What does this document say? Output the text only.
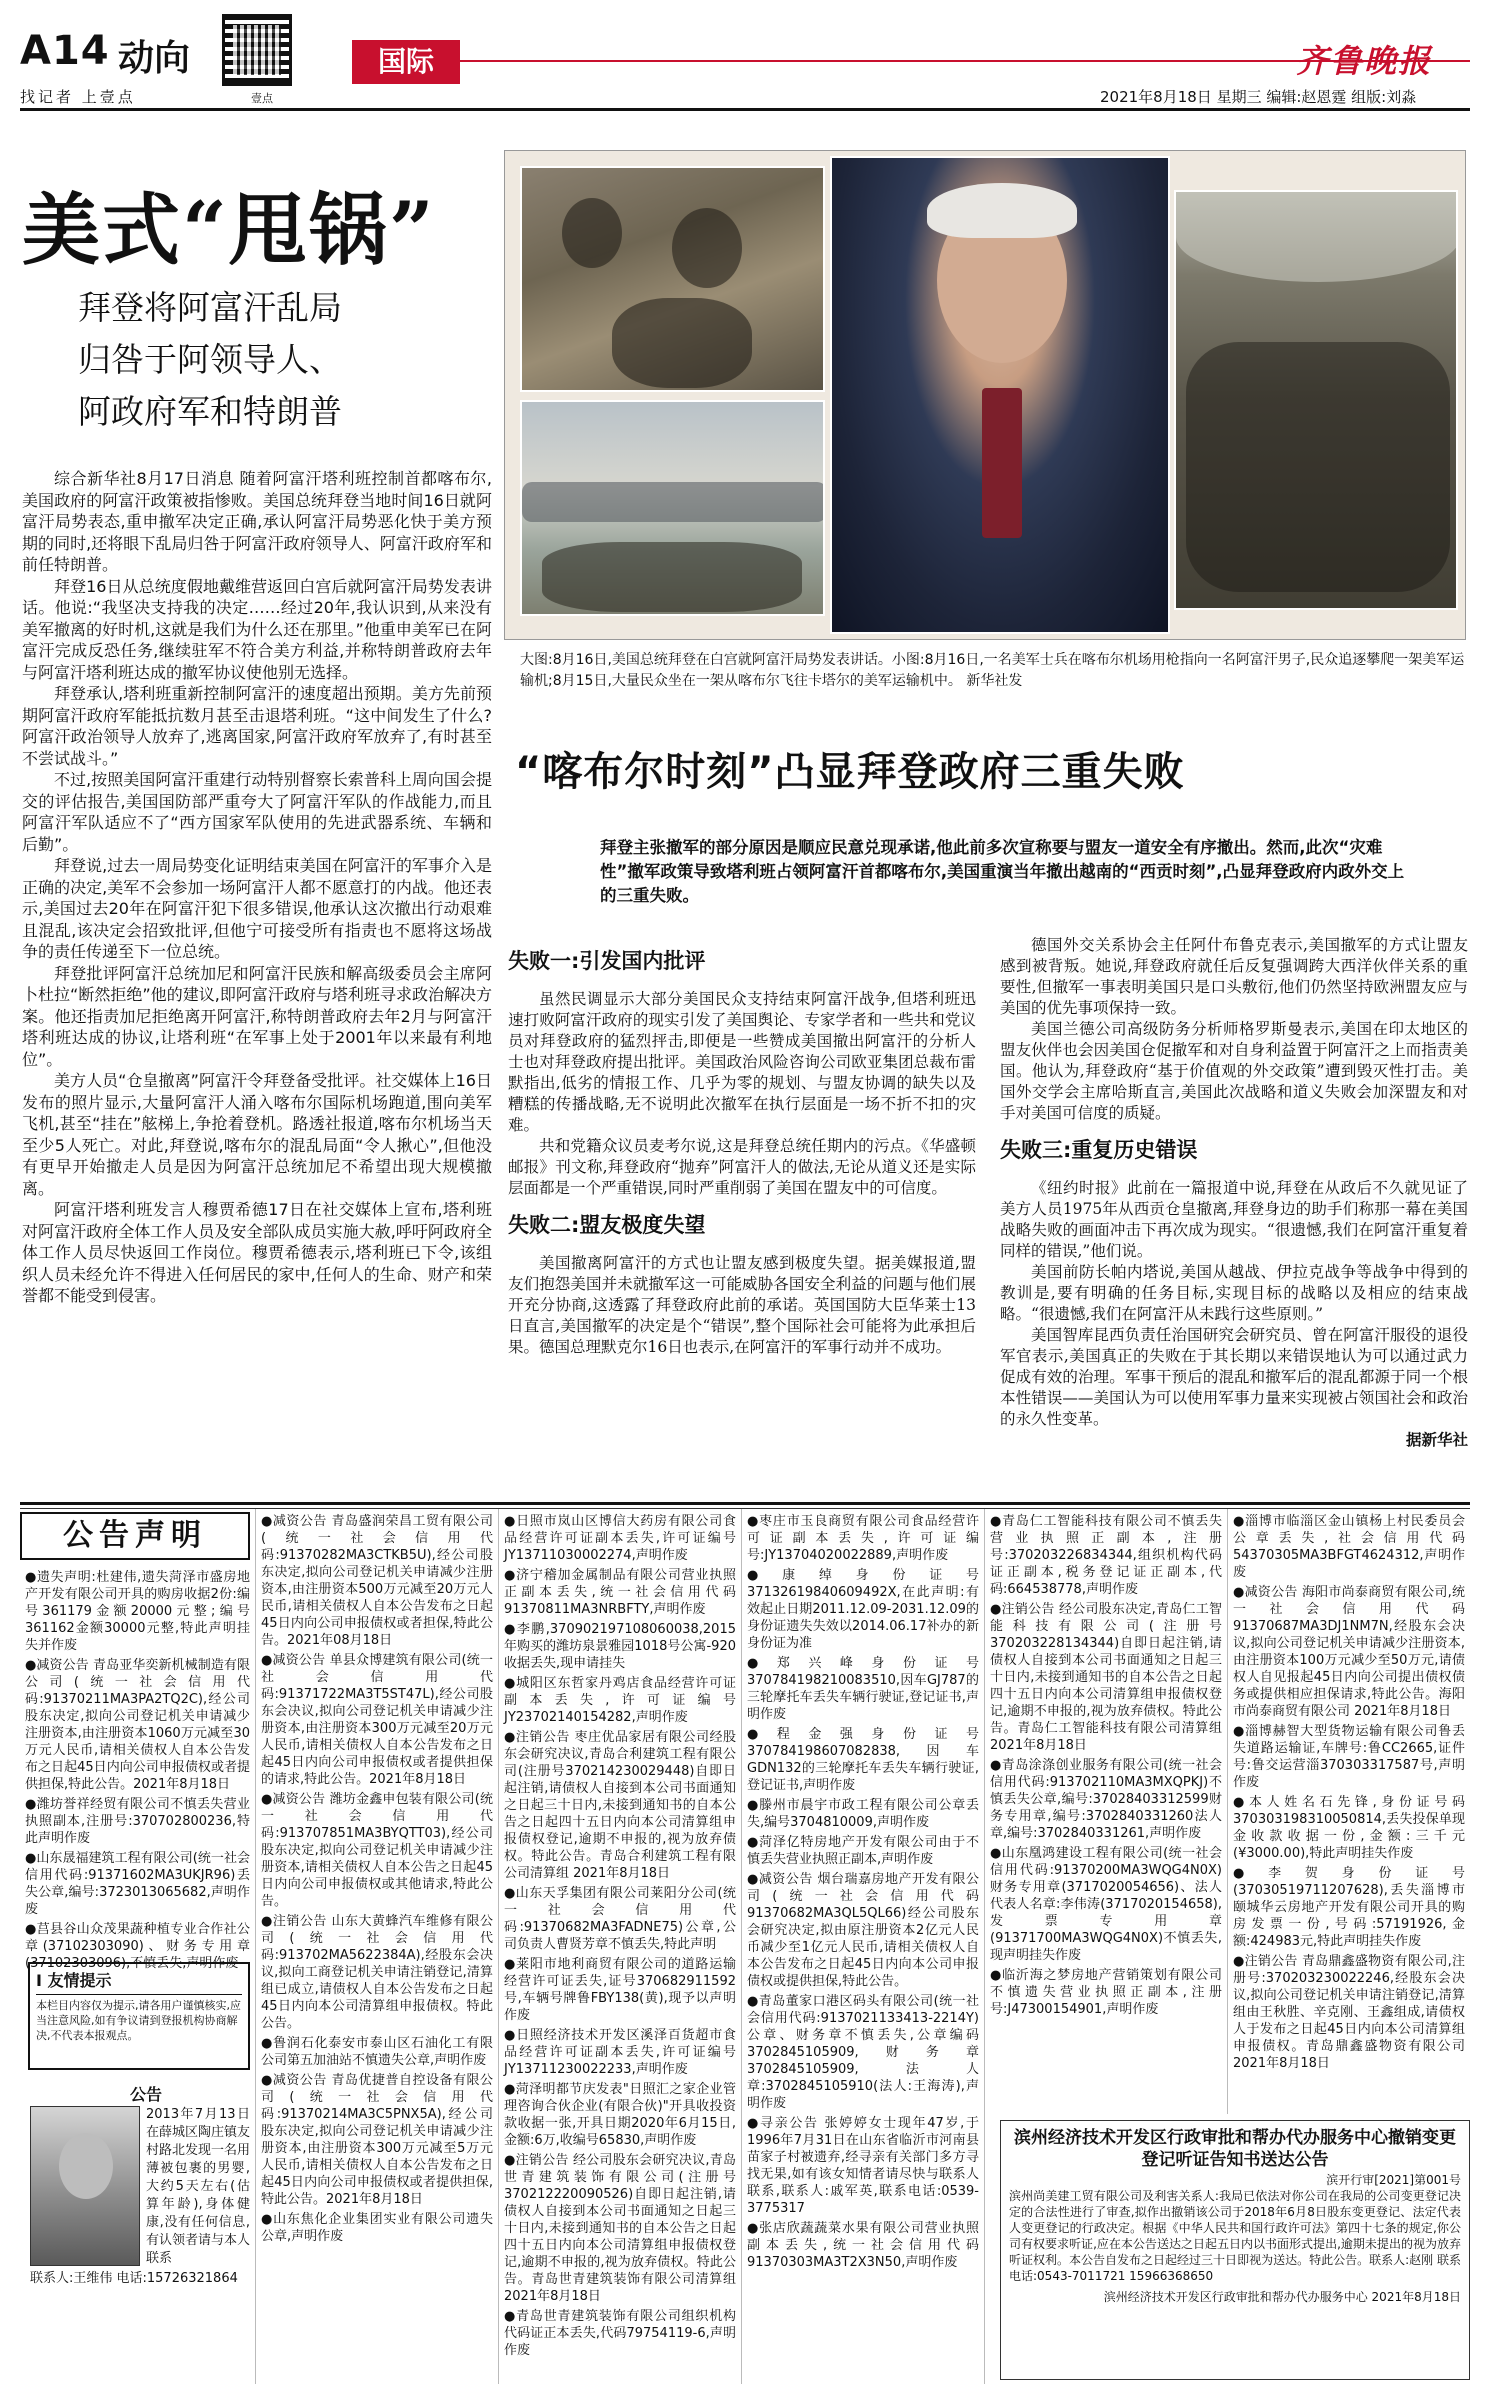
A14 动向
找记者 上壹点	壹点
国际	齐鲁晚报
2021年8月18日 星期三 编辑:赵恩霆 组版:刘淼
美式“甩锅”
拜登将阿富汗乱局
归咎于阿领导人、
阿政府军和特朗普
大图:8月16日,美国总统拜登在白宫就阿富汗局势发表讲话。小图:8月16日,一名美军士兵在喀布尔机场用枪指向一名阿富汗男子,民众追逐攀爬一架美军运输机;8月15日,大量民众坐在一架从喀布尔飞往卡塔尔的美军运输机中。 新华社发

综合新华社8月17日消息 随着阿富汗塔利班控制首都喀布尔,美国政府的阿富汗政策被指惨败。美国总统拜登当地时间16日就阿富汗局势表态,重申撤军决定正确,承认阿富汗局势恶化快于美方预期的同时,还将眼下乱局归咎于阿富汗政府领导人、阿富汗政府军和前任特朗普。

拜登16日从总统度假地戴维营返回白宫后就阿富汗局势发表讲话。他说:“我坚决支持我的决定……经过20年,我认识到,从来没有美军撤离的好时机,这就是我们为什么还在那里。”他重申美军已在阿富汗完成反恐任务,继续驻军不符合美方利益,并称特朗普政府去年与阿富汗塔利班达成的撤军协议使他别无选择。

拜登承认,塔利班重新控制阿富汗的速度超出预期。美方先前预期阿富汗政府军能抵抗数月甚至击退塔利班。“这中间发生了什么?阿富汗政治领导人放弃了,逃离国家,阿富汗政府军放弃了,有时甚至不尝试战斗。”

不过,按照美国阿富汗重建行动特别督察长索普科上周向国会提交的评估报告,美国国防部严重夸大了阿富汗军队的作战能力,而且阿富汗军队适应不了“西方国家军队使用的先进武器系统、车辆和后勤”。

拜登说,过去一周局势变化证明结束美国在阿富汗的军事介入是正确的决定,美军不会参加一场阿富汗人都不愿意打的内战。他还表示,美国过去20年在阿富汗犯下很多错误,他承认这次撤出行动艰难且混乱,该决定会招致批评,但他宁可接受所有指责也不愿将这场战争的责任传递至下一位总统。

拜登批评阿富汗总统加尼和阿富汗民族和解高级委员会主席阿卜杜拉“断然拒绝”他的建议,即阿富汗政府与塔利班寻求政治解决方案。他还指责加尼拒绝离开阿富汗,称特朗普政府去年2月与阿富汗塔利班达成的协议,让塔利班“在军事上处于2001年以来最有利地位”。

美方人员“仓皇撤离”阿富汗令拜登备受批评。社交媒体上16日发布的照片显示,大量阿富汗人涌入喀布尔国际机场跑道,围向美军飞机,甚至“挂在”舷梯上,争抢着登机。路透社报道,喀布尔机场当天至少5人死亡。对此,拜登说,喀布尔的混乱局面“令人揪心”,但他没有更早开始撤走人员是因为阿富汗总统加尼不希望出现大规模撤离。

阿富汗塔利班发言人穆贾希德17日在社交媒体上宣布,塔利班对阿富汗政府全体工作人员及安全部队成员实施大赦,呼吁阿政府全体工作人员尽快返回工作岗位。穆贾希德表示,塔利班已下令,该组织人员未经允许不得进入任何居民的家中,任何人的生命、财产和荣誉都不能受到侵害。

“喀布尔时刻”凸显拜登政府三重失败
拜登主张撤军的部分原因是顺应民意兑现承诺,他此前多次宣称要与盟友一道安全有序撤出。然而,此次“灾难性”撤军政策导致塔利班占领阿富汗首都喀布尔,美国重演当年撤出越南的“西贡时刻”,凸显拜登政府内政外交上的三重失败。
失败一:引发国内批评

虽然民调显示大部分美国民众支持结束阿富汗战争,但塔利班迅速打败阿富汗政府的现实引发了美国舆论、专家学者和一些共和党议员对拜登政府的猛烈抨击,即便是一些赞成美国撤出阿富汗的分析人士也对拜登政府提出批评。美国政治风险咨询公司欧亚集团总裁布雷默指出,低劣的情报工作、几乎为零的规划、与盟友协调的缺失以及糟糕的传播战略,无不说明此次撤军在执行层面是一场不折不扣的灾难。

共和党籍众议员麦考尔说,这是拜登总统任期内的污点。《华盛顿邮报》刊文称,拜登政府“抛弃”阿富汗人的做法,无论从道义还是实际层面都是一个严重错误,同时严重削弱了美国在盟友中的可信度。

失败二:盟友极度失望

美国撤离阿富汗的方式也让盟友感到极度失望。据美媒报道,盟友们抱怨美国并未就撤军这一可能威胁各国安全利益的问题与他们展开充分协商,这透露了拜登政府此前的承诺。英国国防大臣华莱士13日直言,美国撤军的决定是个“错误”,整个国际社会可能将为此承担后果。德国总理默克尔16日也表示,在阿富汗的军事行动并不成功。

德国外交关系协会主任阿什布鲁克表示,美国撤军的方式让盟友感到被背叛。她说,拜登政府就任后反复强调跨大西洋伙伴关系的重要性,但撤军一事表明美国只是口头敷衍,他们仍然坚持欧洲盟友应与美国的优先事项保持一致。

美国兰德公司高级防务分析师格罗斯曼表示,美国在印太地区的盟友伙伴也会因美国仓促撤军和对自身利益置于阿富汗之上而指责美国。他认为,拜登政府“基于价值观的外交政策”遭到毁灭性打击。美国外交学会主席哈斯直言,美国此次战略和道义失败会加深盟友和对手对美国可信度的质疑。

失败三:重复历史错误

《纽约时报》此前在一篇报道中说,拜登在从政后不久就见证了美方人员1975年从西贡仓皇撤离,拜登身边的助手们称那一幕在美国战略失败的画面冲击下再次成为现实。“很遗憾,我们在阿富汗重复着同样的错误,”他们说。

美国前防长帕内塔说,美国从越战、伊拉克战争等战争中得到的教训是,要有明确的任务目标,实现目标的战略以及相应的结束战略。“很遗憾,我们在阿富汗从未践行这些原则。”

美国智库昆西负责任治国研究会研究员、曾在阿富汗服役的退役军官表示,美国真正的失败在于其长期以来错误地认为可以通过武力促成有效的治理。军事干预后的混乱和撤军后的混乱都源于同一个根本性错误——美国认为可以使用军事力量来实现被占领国社会和政治的永久性变革。

据新华社

●遗失声明:杜建伟,遗失菏泽市盛房地产开发有限公司开具的购房收据2份:编号361179金额20000元整;编号361162金额30000元整,特此声明挂失并作废

●减资公告 青岛亚华奕新机械制造有限公司(统一社会信用代码:91370211MA3PA2TQ2C),经公司股东决定,拟向公司登记机关申请减少注册资本,由注册资本1060万元减至30万元人民币,请相关债权人自本公告发布之日起45日内向公司申报债权或者提供担保,特此公告。2021年8月18日

●潍坊誉祥经贸有限公司不慎丢失营业执照副本,注册号:370702800236,特此声明作废

●山东晟福建筑工程有限公司(统一社会信用代码:91371602MA3UKJR96)丢失公章,编号:3723013065682,声明作废

●莒县谷山众茂果蔬种植专业合作社公章(37102303090)、财务专用章(37102303096),不慎丢失,声明作废

●减资公告 青岛盛润荣昌工贸有限公司(统一社会信用代码:91370282MA3CTKB5U),经公司股东决定,拟向公司登记机关申请减少注册资本,由注册资本500万元减至20万元人民币,请相关债权人自本公告发布之日起45日内向公司申报债权或者担保,特此公告。2021年08月18日

●减资公告 单县众博建筑有限公司(统一社会信用代码:91371722MA3T5ST47L),经公司股东会决议,拟向公司登记机关申请减少注册资本,由注册资本300万元减至20万元人民币,请相关债权人自本公告发布之日起45日内向公司申报债权或者提供担保的请求,特此公告。2021年8月18日

●减资公告 潍坊金鑫申包装有限公司(统一社会信用代码:913707851MA3BYQTT03),经公司股东决定,拟向公司登记机关申请减少注册资本,请相关债权人自本公告之日起45日内向公司申报债权或其他请求,特此公告。

●注销公告 山东大黄蜂汽车维修有限公司(统一社会信用代码:913702MA5622384A),经股东会决议,拟向工商登记机关申请注销登记,清算组已成立,请债权人自本公告发布之日起45日内向本公司清算组申报债权。特此公告。

●鲁润石化泰安市泰山区石油化工有限公司第五加油站不慎遗失公章,声明作废

●减资公告 青岛优捷普自控设备有限公司(统一社会信用代码:91370214MA3C5PNX5A),经公司股东决定,拟向公司登记机关申请减少注册资本,由注册资本300万元减至5万元人民币,请相关债权人自本公告发布之日起45日内向公司申报债权或者提供担保,特此公告。2021年8月18日

●山东焦化企业集团实业有限公司遗失公章,声明作废

●日照市岚山区博信大药房有限公司食品经营许可证副本丢失,许可证编号JY13711030002274,声明作废

●济宁稽加金属制品有限公司营业执照正副本丢失,统一社会信用代码91370811MA3NRBFTY,声明作废

●李鹏,370902197108060038,2015年购买的潍坊泉景雅园1018号公寓-920收据丢失,现申请挂失

●城阳区东哲家丹鸡店食品经营许可证副本丢失,许可证编号JY23702140154282,声明作废

●注销公告 枣庄优品家居有限公司经股东会研究决议,青岛合利建筑工程有限公司(注册号370214230029448)自即日起注销,请债权人自接到本公司书面通知之日起三十日内,未接到通知书的自本公告之日起四十五日内向本公司清算组申报债权登记,逾期不申报的,视为放弃债权。特此公告。青岛合利建筑工程有限公司清算组 2021年8月18日

●山东天孚集团有限公司莱阳分公司(统一社会信用代码:91370682MA3FADNE75)公章,公司负责人曹贤芳章不慎丢失,特此声明

●莱阳市地利商贸有限公司的道路运输经营许可证丢失,证号370682911592号,车辆号牌鲁FBY138(黄),现予以声明作废

●日照经济技术开发区溪泽百货超市食品经营许可证副本丢失,许可证编号JY13711230022233,声明作废

●菏泽明都节庆发表"日照汇之家企业管理咨询合伙企业(有限合伙)"开具收投资款收据一张,开具日期2020年6月15日,金额:6万,收编号65830,声明作废

●注销公告 经公司股东会研究决议,青岛世青建筑装饰有限公司(注册号370212220090526)自即日起注销,请债权人自接到本公司书面通知之日起三十日内,未接到通知书的自本公告之日起四十五日内向本公司清算组申报债权登记,逾期不申报的,视为放弃债权。特此公告。青岛世青建筑装饰有限公司清算组 2021年8月18日

●青岛世青建筑装饰有限公司组织机构代码证正本丢失,代码79754119-6,声明作废

●枣庄市玉良商贸有限公司食品经营许可证副本丢失,许可证编号:JY13704020022889,声明作废

●康绰身份证号37132619840609492X,在此声明:有效起止日期2011.12.09-2031.12.09的身份证遗失失效以2014.06.17补办的新身份证为准

●郑兴峰身份证号370784198210083510,因车GJ787的三轮摩托车丢失车辆行驶证,登记证书,声明作废

●程金强身份证号370784198607082838,因车GDN132的三轮摩托车丢失车辆行驶证,登记证书,声明作废

●滕州市晨宇市政工程有限公司公章丢失,编号3704810009,声明作废

●菏泽亿特房地产开发有限公司由于不慎丢失营业执照正副本,声明作废

●减资公告 烟台瑞嘉房地产开发有限公司(统一社会信用代码91370682MA3QL5QL66)经公司股东会研究决定,拟由原注册资本2亿元人民币减少至1亿元人民币,请相关债权人自本公告发布之日起45日内向本公司申报债权或提供担保,特此公告。

●青岛董家口港区码头有限公司(统一社会信用代码:9137021133413-2214Y)公章、财务章不慎丢失,公章编码3702845105909,财务章3702845105909,法人章:3702845105910(法人:王海涛),声明作废

●寻亲公告 张婷婷女士现年47岁,于1996年7月31日在山东省临沂市河南县苗家子村被遗弃,经寻亲有关部门多方寻找无果,如有该女知情者请尽快与联系人联系,联系人:戚军英,联系电话:0539-3775317

●张店欣蔬蔬菜水果有限公司营业执照副本丢失,统一社会信用代码91370303MA3T2X3N50,声明作废

●青岛仁工智能科技有限公司不慎丢失营业执照正副本,注册号:370203226834344,组织机构代码证正副本,税务登记证正副本,代码:664538778,声明作废

●注销公告 经公司股东决定,青岛仁工智能科技有限公司(注册号370203228134344)自即日起注销,请债权人自接到本公司书面通知之日起三十日内,未接到通知书的自本公告之日起四十五日内向本公司清算组申报债权登记,逾期不申报的,视为放弃债权。特此公告。青岛仁工智能科技有限公司清算组 2021年8月18日

●青岛涂涤创业服务有限公司(统一社会信用代码:913702110MA3MXQPKJ)不慎丢失公章,编号:37028403312599财务专用章,编号:3702840331260法人章,编号:3702840331261,声明作废

●山东凰鸿建设工程有限公司(统一社会信用代码:91370200MA3WQG4N0X)财务专用章(3717020054656)、法人代表人名章:李伟涛(3717020154658),发票专用章(91371700MA3WQG4N0X)不慎丢失,现声明挂失作废

●临沂海之梦房地产营销策划有限公司不慎遗失营业执照正副本,注册号:J47300154901,声明作废

●淄博市临淄区金山镇杨上村民委员会公章丢失,社会信用代码54370305MA3BFGT4624312,声明作废

●减资公告 海阳市尚泰商贸有限公司,统一社会信用代码91370687MA3DJ1NM7N,经股东会决议,拟向公司登记机关申请减少注册资本,由注册资本100万元减少至50万元,请债权人自见报起45日内向公司提出债权债务或提供相应担保请求,特此公告。海阳市尚泰商贸有限公司 2021年8月18日

●淄博赫智大型货物运输有限公司鲁丢失道路运输证,车牌号:鲁CC2665,证件号:鲁交运营淄370303317587号,声明作废

●本人姓名石先锋,身份证号码370303198310050814,丢失投保单现金收款收据一份,金额:三千元(¥3000.00),特此声明挂失作废

●李贺身份证号(37030519711207628),丢失淄博市颐城华云房地产开发有限公司开具的购房发票一份,号码:57191926,金额:424983元,特此声明挂失作废

●注销公告 青岛鼎鑫盛物资有限公司,注册号:370203230022246,经股东会决议,拟向公司登记机关申请注销登记,清算组由王秋胜、辛克刚、王鑫组成,请债权人于发布之日起45日内向本公司清算组申报债权。青岛鼎鑫盛物资有限公司 2021年8月18日

公告声明
Ⅰ 友情提示
本栏目内容仅为提示,请各用户谨慎核实,应当注意风险,如有争议请到登报机构协商解决,不代表本报观点。
公告
2013年7月13日在薛城区陶庄镇友村路北发现一名用薄被包裹的男婴,大约5天左右(估算年龄),身体健康,没有任何信息,有认领者请与本人联系
联系人:王维伟 电话:15726321864
滨州经济技术开发区行政审批和帮办代办服务中心撤销变更登记听证告知书送达公告
滨开行审[2021]第001号
滨州尚美建工贸有限公司及利害关系人:我局已依法对你公司在我局的公司变更登记决定的合法性进行了审查,拟作出撤销该公司于2018年6月8日股东变更登记、法定代表人变更登记的行政决定。根据《中华人民共和国行政许可法》第四十七条的规定,你公司有权要求听证,应在本公告送达之日起五日内以书面形式提出,逾期未提出的视为放弃听证权利。本公告自发布之日起经过三十日即视为送达。特此公告。联系人:赵刚 联系电话:0543-7011721 15966368650
滨州经济技术开发区行政审批和帮办代办服务中心 2021年8月18日
